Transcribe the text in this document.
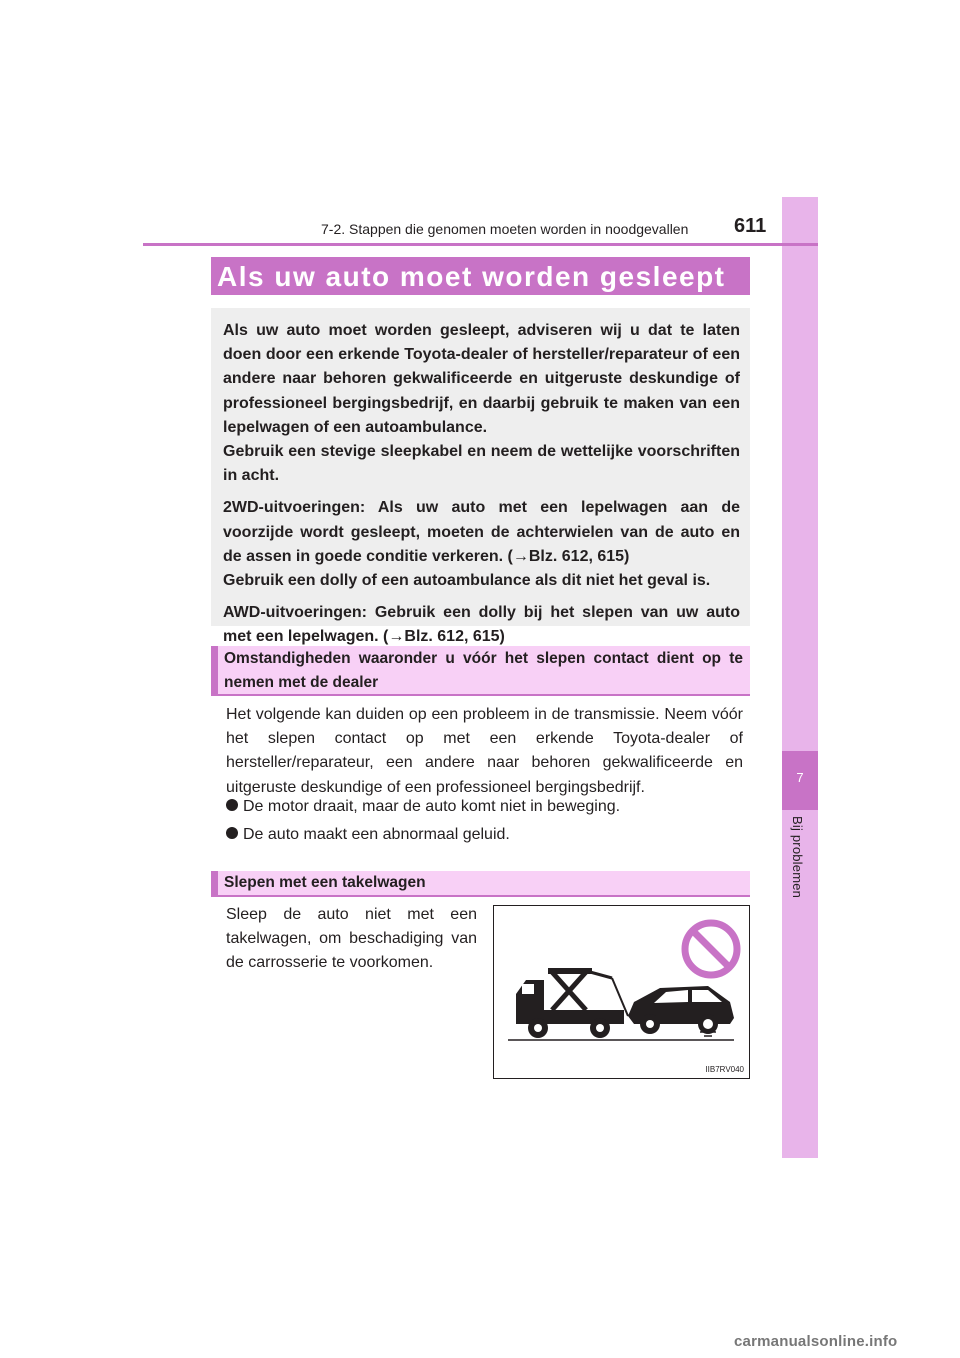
7
Bij problemen
7-2. Stappen die genomen moeten worden in noodgevallen 611
Als uw auto moet worden gesleept

Als uw auto moet worden gesleept, adviseren wij u dat te laten doen door een erkende Toyota-dealer of hersteller/reparateur of een andere naar behoren gekwalificeerde en uitgeruste deskundige of professioneel bergingsbedrijf, en daarbij gebruik te maken van een lepelwagen of een autoambulance.

Gebruik een stevige sleepkabel en neem de wettelijke voorschriften in acht.

2WD-uitvoeringen: Als uw auto met een lepelwagen aan de voorzijde wordt gesleept, moeten de achterwielen van de auto en de assen in goede conditie verkeren. (→Blz. 612, 615)

Gebruik een dolly of een autoambulance als dit niet het geval is.

AWD-uitvoeringen: Gebruik een dolly bij het slepen van uw auto met een lepelwagen. (→Blz. 612, 615)

Omstandigheden waaronder u vóór het slepen contact dient op te nemen met de dealer
Het volgende kan duiden op een probleem in de transmissie. Neem vóór het slepen contact op met een erkende Toyota-dealer of hersteller/reparateur, een andere naar behoren gekwalificeerde en uitgeruste deskundige of een professioneel bergingsbedrijf.
De motor draait, maar de auto komt niet in beweging.
De auto maakt een abnormaal geluid.
Slepen met een takelwagen
Sleep de auto niet met een takelwagen, om beschadiging van de carrosserie te voorkomen.
IIB7RV040
carmanualsonline.info
